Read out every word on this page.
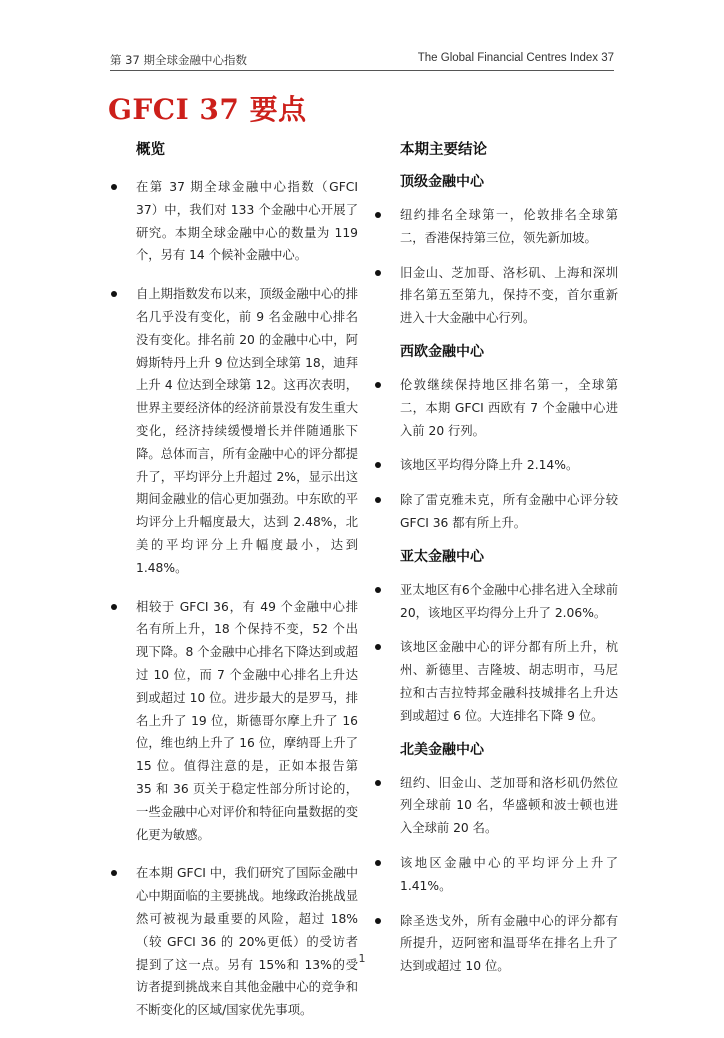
第 37 期全球金融中心指数	The Global Financial Centres Index 37
GFCI 37 要点
概览
在第 37 期全球金融中心指数（GFCI 37）中，我们对 133 个金融中心开展了研究。本期全球金融中心的数量为 119 个，另有 14 个候补金融中心。
自上期指数发布以来，顶级金融中心的排名几乎没有变化，前 9 名金融中心排名没有变化。排名前 20 的金融中心中，阿姆斯特丹上升 9 位达到全球第 18，迪拜上升 4 位达到全球第 12。这再次表明，世界主要经济体的经济前景没有发生重大变化，经济持续缓慢增长并伴随通胀下降。总体而言，所有金融中心的评分都提升了，平均评分上升超过 2%，显示出这期间金融业的信心更加强劲。中东欧的平均评分上升幅度最大，达到 2.48%，北美的平均评分上升幅度最小，达到 1.48%。
相较于 GFCI 36，有 49 个金融中心排名有所上升，18 个保持不变，52 个出现下降。8 个金融中心排名下降达到或超过 10 位，而 7 个金融中心排名上升达到或超过 10 位。进步最大的是罗马，排名上升了 19 位，斯德哥尔摩上升了 16 位，维也纳上升了 16 位，摩纳哥上升了 15 位。值得注意的是，正如本报告第 35 和 36 页关于稳定性部分所讨论的，一些金融中心对评价和特征向量数据的变化更为敏感。
在本期 GFCI 中，我们研究了国际金融中心中期面临的主要挑战。地缘政治挑战显然可被视为最重要的风险，超过 18%（较 GFCI 36 的 20%更低）的受访者提到了这一点。另有 15%和 13%的受访者提到挑战来自其他金融中心的竞争和不断变化的区域/国家优先事项。
本期主要结论
顶级金融中心
纽约排名全球第一，伦敦排名全球第二，香港保持第三位，领先新加坡。
旧金山、芝加哥、洛杉矶、上海和深圳排名第五至第九，保持不变，首尔重新进入十大金融中心行列。
西欧金融中心
伦敦继续保持地区排名第一，全球第二，本期 GFCI 西欧有 7 个金融中心进入前 20 行列。
该地区平均得分降上升 2.14%。
除了雷克雅未克，所有金融中心评分较 GFCI 36 都有所上升。
亚太金融中心
亚太地区有6个金融中心排名进入全球前 20，该地区平均得分上升了 2.06%。
该地区金融中心的评分都有所上升，杭州、新德里、吉隆坡、胡志明市，马尼拉和古吉拉特邦金融科技城排名上升达到或超过 6 位。大连排名下降 9 位。
北美金融中心
纽约、旧金山、芝加哥和洛杉矶仍然位列全球前 10 名，华盛顿和波士顿也进入全球前 20 名。
该地区金融中心的平均评分上升了 1.41%。
除圣迭戈外，所有金融中心的评分都有所提升，迈阿密和温哥华在排名上升了达到或超过 10 位。
1
